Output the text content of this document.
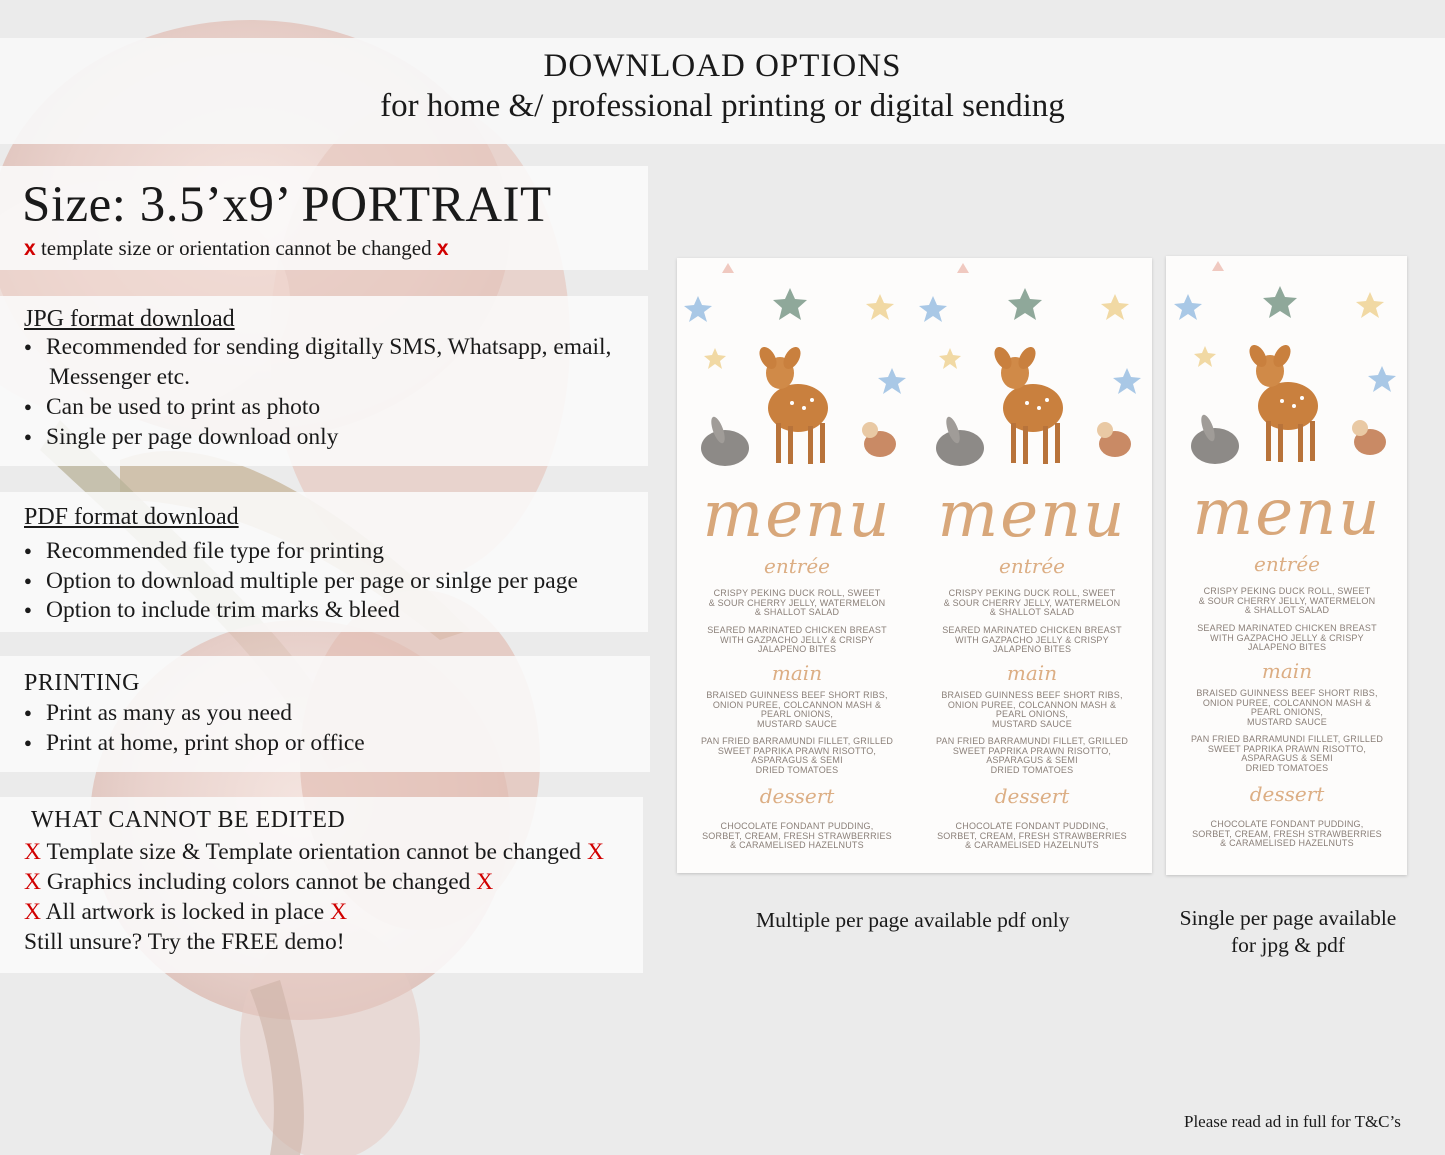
DOWNLOAD OPTIONS
for home &/ professional printing or digital sending
Size: 3.5’x9’ PORTRAIT
x template size or orientation cannot be changed x
JPG format download
● Recommended for sending digitally SMS, Whatsapp, email,
Messenger etc.
● Can be used to print as photo
● Single per page download only
PDF format download
● Recommended file type for printing
● Option to download multiple per page or sinlge per page
● Option to include trim marks & bleed
PRINTING
● Print as many as you need
● Print at home, print shop or office
WHAT CANNOT BE EDITED
X Template size & Template orientation cannot be changed X
X Graphics including colors cannot be changed X
X All artwork is locked in place X
Still unsure? Try the FREE demo!
menu
entrée
CRISPY PEKING DUCK ROLL, SWEET
& SOUR CHERRY JELLY, WATERMELON
& SHALLOT SALAD
SEARED MARINATED CHICKEN BREAST
WITH GAZPACHO JELLY & CRISPY
JALAPENO BITES
main
BRAISED GUINNESS BEEF SHORT RIBS,
ONION PUREE, COLCANNON MASH &
PEARL ONIONS,
MUSTARD SAUCE
PAN FRIED BARRAMUNDI FILLET, GRILLED
SWEET PAPRIKA PRAWN RISOTTO,
ASPARAGUS & SEMI
DRIED TOMATOES
dessert
CHOCOLATE FONDANT PUDDING,
SORBET, CREAM, FRESH STRAWBERRIES
& CARAMELISED HAZELNUTS
menu
entrée
CRISPY PEKING DUCK ROLL, SWEET
& SOUR CHERRY JELLY, WATERMELON
& SHALLOT SALAD
SEARED MARINATED CHICKEN BREAST
WITH GAZPACHO JELLY & CRISPY
JALAPENO BITES
main
BRAISED GUINNESS BEEF SHORT RIBS,
ONION PUREE, COLCANNON MASH &
PEARL ONIONS,
MUSTARD SAUCE
PAN FRIED BARRAMUNDI FILLET, GRILLED
SWEET PAPRIKA PRAWN RISOTTO,
ASPARAGUS & SEMI
DRIED TOMATOES
dessert
CHOCOLATE FONDANT PUDDING,
SORBET, CREAM, FRESH STRAWBERRIES
& CARAMELISED HAZELNUTS
menu
entrée
CRISPY PEKING DUCK ROLL, SWEET
& SOUR CHERRY JELLY, WATERMELON
& SHALLOT SALAD
SEARED MARINATED CHICKEN BREAST
WITH GAZPACHO JELLY & CRISPY
JALAPENO BITES
main
BRAISED GUINNESS BEEF SHORT RIBS,
ONION PUREE, COLCANNON MASH &
PEARL ONIONS,
MUSTARD SAUCE
PAN FRIED BARRAMUNDI FILLET, GRILLED
SWEET PAPRIKA PRAWN RISOTTO,
ASPARAGUS & SEMI
DRIED TOMATOES
dessert
CHOCOLATE FONDANT PUDDING,
SORBET, CREAM, FRESH STRAWBERRIES
& CARAMELISED HAZELNUTS
Multiple per page available pdf only	Single per page available
for jpg & pdf
Please read ad in full for T&C’s
